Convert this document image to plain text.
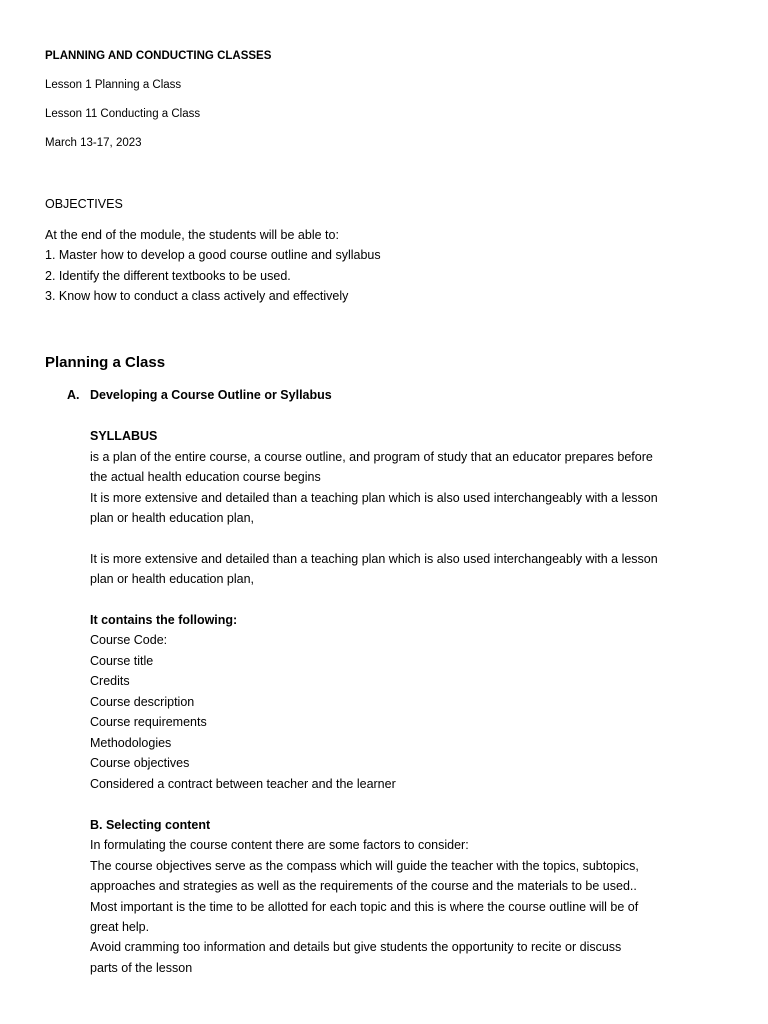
PLANNING AND CONDUCTING CLASSES
Lesson 1 Planning a Class
Lesson 11 Conducting a Class
March 13-17, 2023
OBJECTIVES
At the end of the module, the students will be able to:
1. Master how to develop a good course outline and syllabus
2. Identify the different textbooks to be used.
3. Know how to conduct a class actively and effectively
Planning a Class
A. Developing a Course Outline or Syllabus
SYLLABUS
is a plan of the entire course, a course outline, and program of study that an educator prepares before
the actual health education course begins
It is more extensive and detailed than a teaching plan which is also used interchangeably with a lesson
plan or health education plan,
It is more extensive and detailed than a teaching plan which is also used interchangeably with a lesson
plan or health education plan,
It contains the following:
Course Code:
Course title
Credits
Course description
Course requirements
Methodologies
Course objectives
Considered a contract between teacher and the learner
B. Selecting content
In formulating the course content there are some factors to consider:
The course objectives serve as the compass which will guide the teacher with the topics, subtopics,
approaches and strategies as well as the requirements of the course and the materials to be used..
Most important is the time to be allotted for each topic and this is where the course outline will be of
great help.
Avoid cramming too information and details but give students the opportunity to recite or discuss
parts of the lesson
